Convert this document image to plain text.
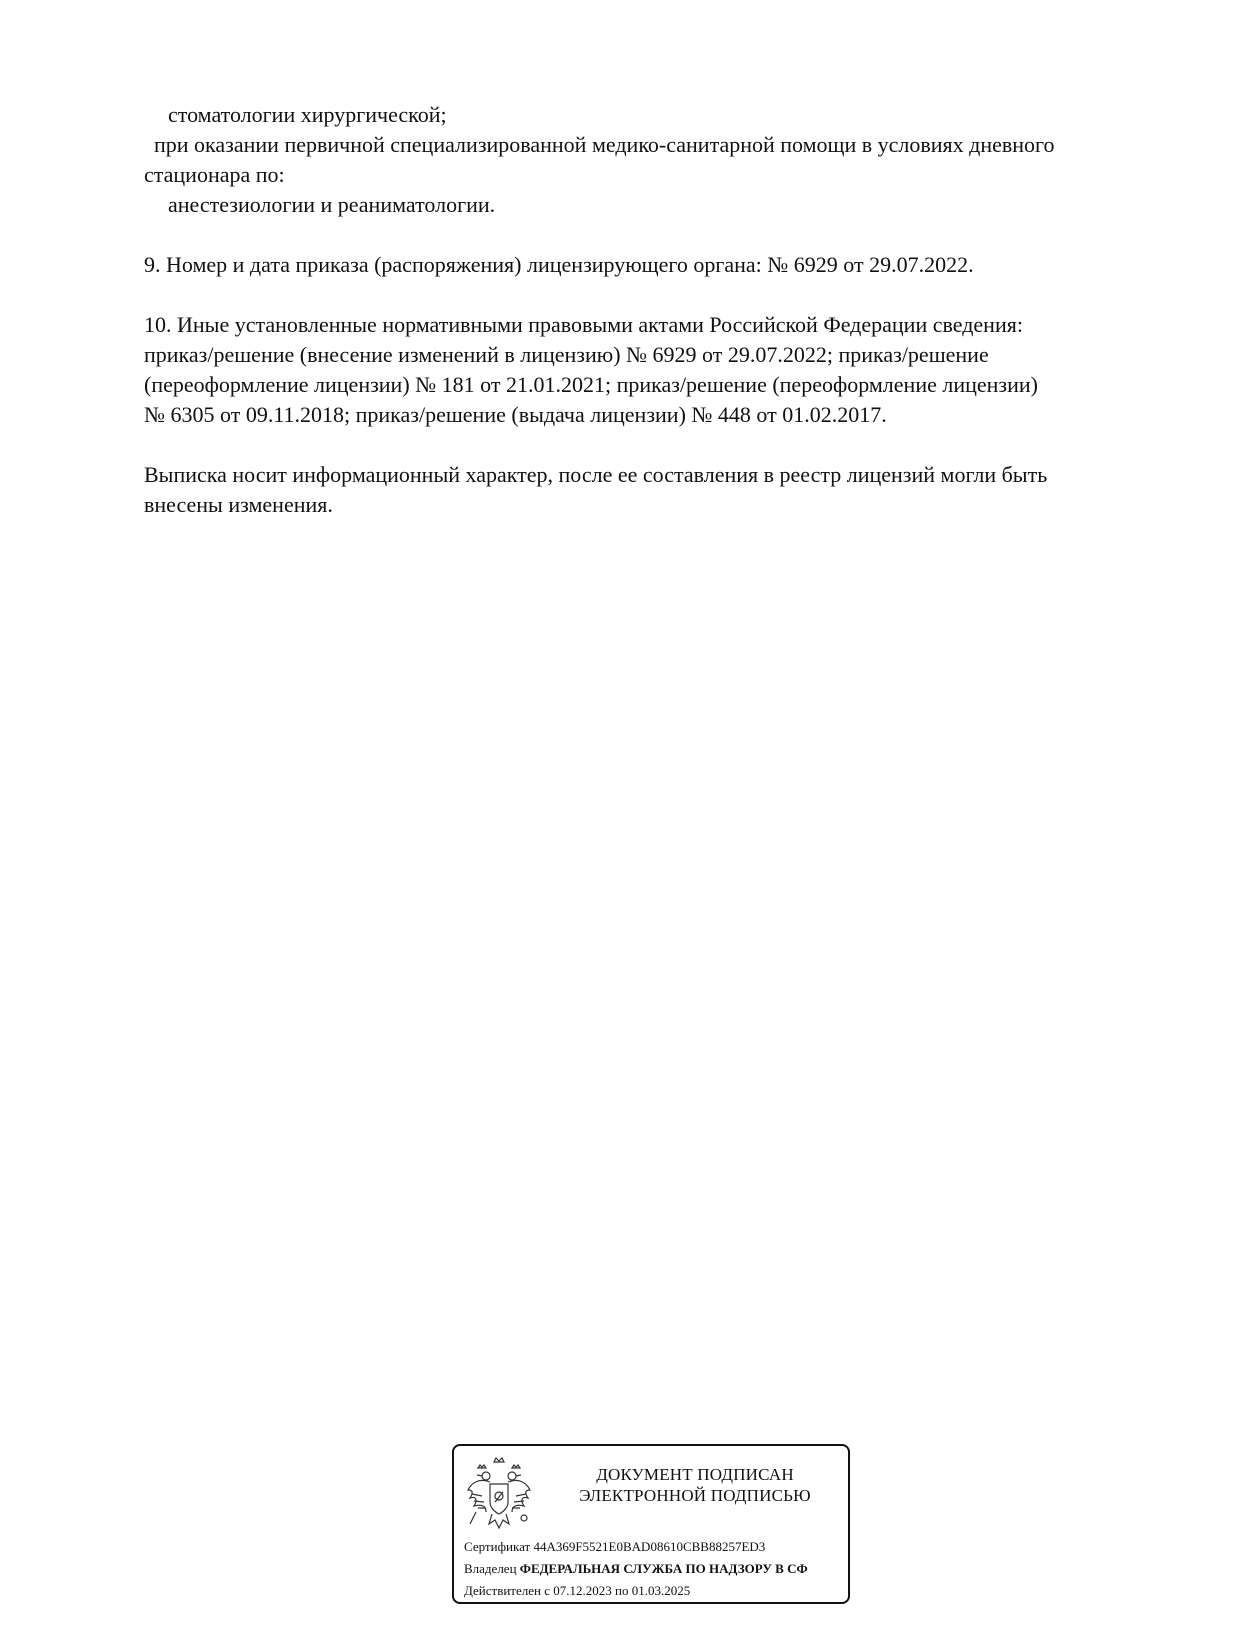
стоматологии хирургической;
при оказании первичной специализированной медико-санитарной помощи в условиях дневного
стационара по:
анестезиологии и реаниматологии.
9. Номер и дата приказа (распоряжения) лицензирующего органа: № 6929 от 29.07.2022.
10. Иные установленные нормативными правовыми актами Российской Федерации сведения:
приказ/решение (внесение изменений в лицензию) № 6929 от 29.07.2022; приказ/решение
(переоформление лицензии) № 181 от 21.01.2021; приказ/решение (переоформление лицензии)
№ 6305 от 09.11.2018; приказ/решение (выдача лицензии) № 448 от 01.02.2017.
Выписка носит информационный характер, после ее составления в реестр лицензий могли быть
внесены изменения.
ДОКУМЕНТ ПОДПИСАН
ЭЛЕКТРОННОЙ ПОДПИСЬЮ
Сертификат 44A369F5521E0BAD08610CBB88257ED3
Владелец ФЕДЕРАЛЬНАЯ СЛУЖБА ПО НАДЗОРУ В СФ
Действителен с 07.12.2023 по 01.03.2025
